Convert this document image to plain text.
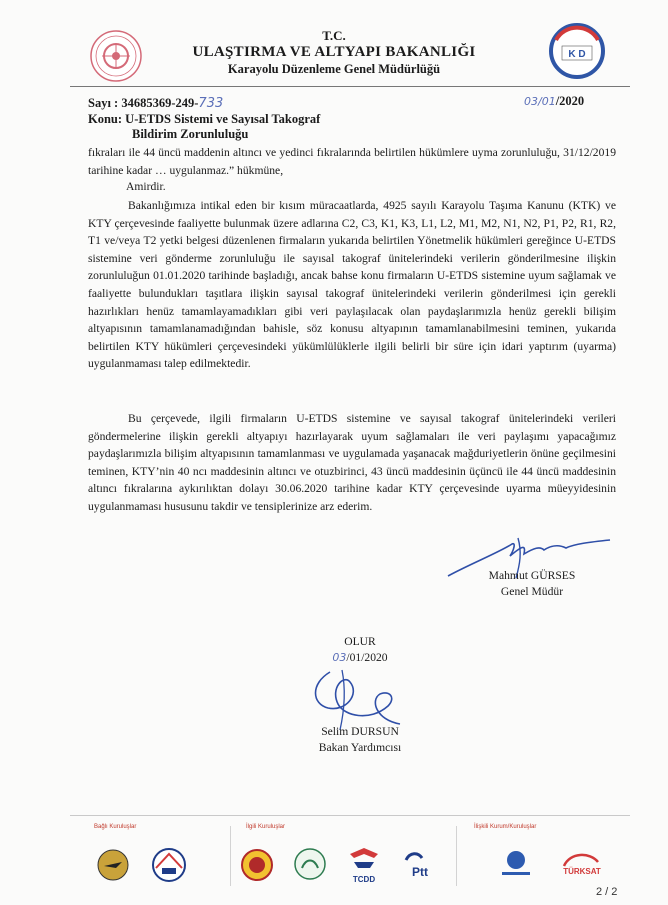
T.C.
ULAŞTIRMA VE ALTYAPI BAKANLIĞI
Karayolu Düzenleme Genel Müdürlüğü
K D
Sayı : 34685369-249-733	03/01/2020
Konu: U-ETDS Sistemi ve Sayısal Takograf
Bildirim Zorunluluğu
fıkraları ile 44 üncü maddenin altıncı ve yedinci fıkralarında belirtilen hükümlere uyma zorunluluğu, 31/12/2019 tarihine kadar … uygulanmaz.” hükmüne,
Amirdir.
Bakanlığımıza intikal eden bir kısım müracaatlarda, 4925 sayılı Karayolu Taşıma Kanunu (KTK) ve KTY çerçevesinde faaliyette bulunmak üzere adlarına C2, C3, K1, K3, L1, L2, M1, M2, N1, N2, P1, P2, R1, R2, T1 ve/veya T2 yetki belgesi düzenlenen firmaların yukarıda belirtilen Yönetmelik hükümleri gereğince U-ETDS sistemine veri gönderme zorunluluğu ile sayısal takograf ünitelerindeki verilerin gönderilmesine ilişkin zorunluluğun 01.01.2020 tarihinde başladığı, ancak bahse konu firmaların U-ETDS sistemine uyum sağlamak ve faaliyette bulundukları taşıtlara ilişkin sayısal takograf ünitelerindeki verilerin gönderilmesi için gerekli hazırlıkları henüz tamamlayamadıkları gibi veri paylaşılacak olan paydaşlarımızla henüz gerekli bilişim altyapısının tamamlanamadığından bahisle, söz konusu altyapının tamamlanabilmesini teminen, yukarıda belirtilen KTY hükümleri çerçevesindeki yükümlülüklerle ilgili belirli bir süre için idari yaptırım (uyarma) uygulanmaması talep edilmektedir.
Bu çerçevede, ilgili firmaların U-ETDS sistemine ve sayısal takograf ünitelerindeki verileri göndermelerine ilişkin gerekli altyapıyı hazırlayarak uyum sağlamaları ile veri paylaşımı yapacağımız paydaşlarımızla bilişim altyapısının tamamlanması ve uygulamada yaşanacak mağduriyetlerin önüne geçilmesini teminen, KTY’nin 40 ncı maddesinin altıncı ve otuzbirinci, 43 üncü maddesinin üçüncü ile 44 üncü maddesinin altıncı fıkralarına aykırılıktan dolayı 30.06.2020 tarihine kadar KTY çerçevesinde uyarma müeyyidesinin uygulanmaması hususunu takdir ve tensiplerinize arz ederim.
Mahmut GÜRSES
Genel Müdür
OLUR
03/01/2020
Selim DURSUN
Bakan Yardımcısı
Bağlı Kuruluşlar	İlgili Kuruluşlar	İlişkili Kurum/Kuruluşlar
TCDD
Ptt	TÜRKSAT
2 / 2
